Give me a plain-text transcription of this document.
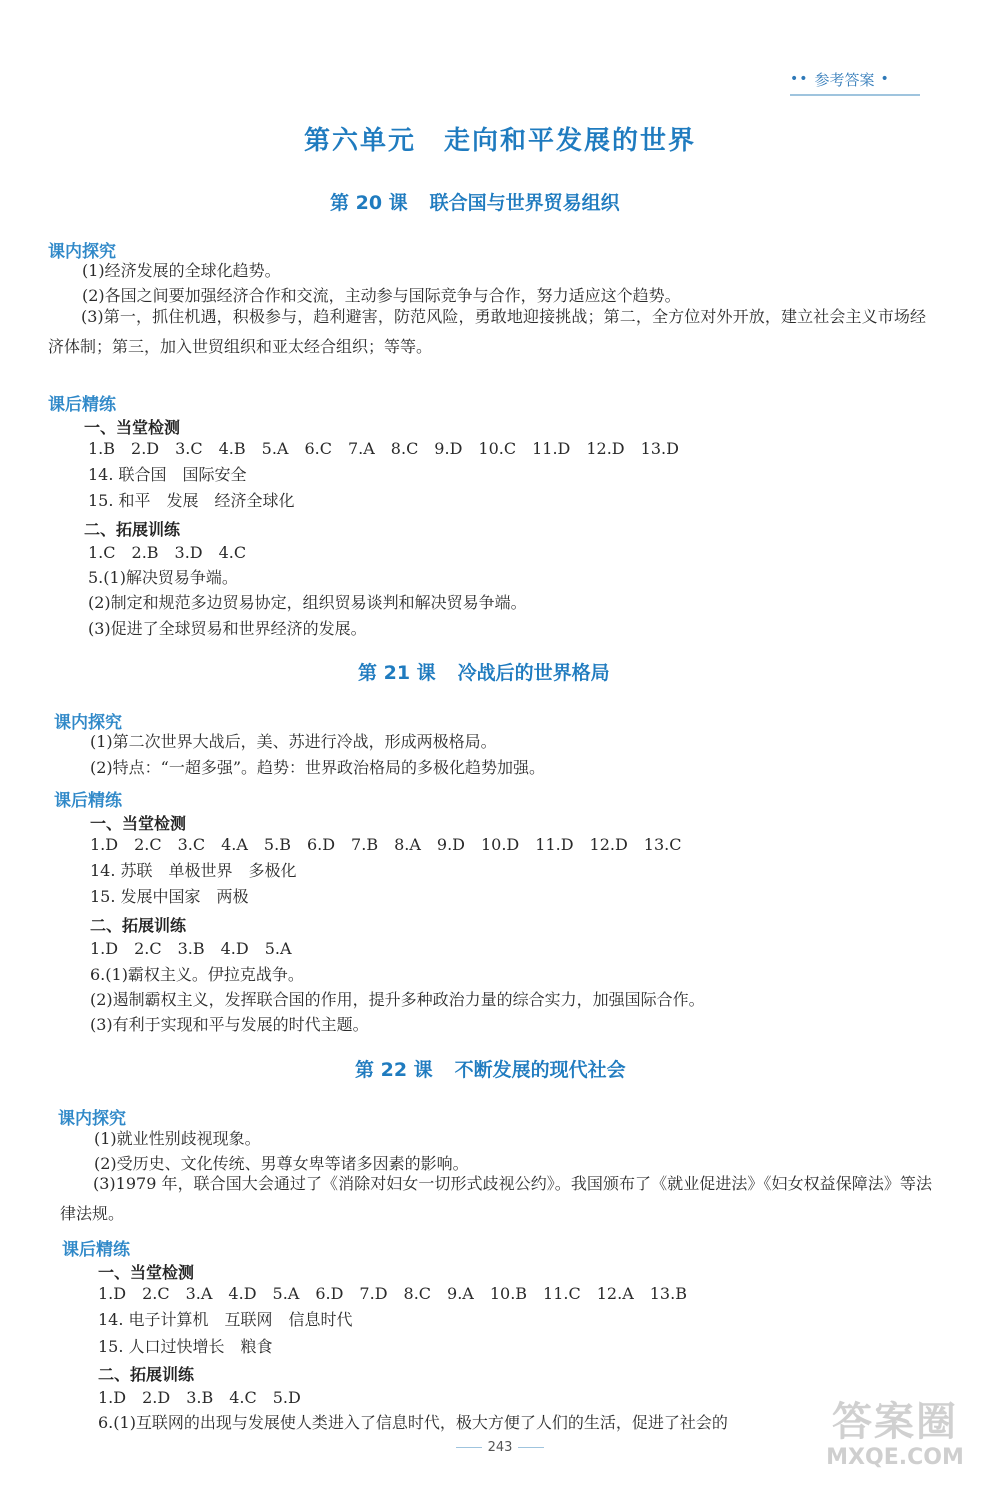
•• 参考答案 •
第六单元　走向和平发展的世界
第 20 课 联合国与世界贸易组织
课内探究
(1)经济发展的全球化趋势。
(2)各国之间要加强经济合作和交流，主动参与国际竞争与合作，努力适应这个趋势。
(3)第一，抓住机遇，积极参与，趋利避害，防范风险，勇敢地迎接挑战；第二，全方位对外开放，建立社会主义市场经济体制；第三，加入世贸组织和亚太经合组织；等等。
课后精练
一、当堂检测
1.B　2.D　3.C　4.B　5.A　6.C　7.A　8.C　9.D　10.C　11.D　12.D　13.D
14. 联合国　国际安全
15. 和平　发展　经济全球化
二、拓展训练
1.C　2.B　3.D　4.C
5.(1)解决贸易争端。
(2)制定和规范多边贸易协定，组织贸易谈判和解决贸易争端。
(3)促进了全球贸易和世界经济的发展。
第 21 课 冷战后的世界格局
课内探究
(1)第二次世界大战后，美、苏进行冷战，形成两极格局。
(2)特点：“一超多强”。趋势：世界政治格局的多极化趋势加强。
课后精练
一、当堂检测
1.D　2.C　3.C　4.A　5.B　6.D　7.B　8.A　9.D　10.D　11.D　12.D　13.C
14. 苏联　单极世界　多极化
15. 发展中国家　两极
二、拓展训练
1.D　2.C　3.B　4.D　5.A
6.(1)霸权主义。伊拉克战争。
(2)遏制霸权主义，发挥联合国的作用，提升多种政治力量的综合实力，加强国际合作。
(3)有利于实现和平与发展的时代主题。
第 22 课 不断发展的现代社会
课内探究
(1)就业性别歧视现象。
(2)受历史、文化传统、男尊女卑等诸多因素的影响。
(3)1979 年，联合国大会通过了《消除对妇女一切形式歧视公约》。我国颁布了《就业促进法》《妇女权益保障法》等法律法规。
课后精练
一、当堂检测
1.D　2.C　3.A　4.D　5.A　6.D　7.D　8.C　9.A　10.B　11.C　12.A　13.B
14. 电子计算机　互联网　信息时代
15. 人口过快增长　粮食
二、拓展训练
1.D　2.D　3.B　4.C　5.D
6.(1)互联网的出现与发展使人类进入了信息时代，极大方便了人们的生活，促进了社会的
243
答案圈
MXQE.COM
